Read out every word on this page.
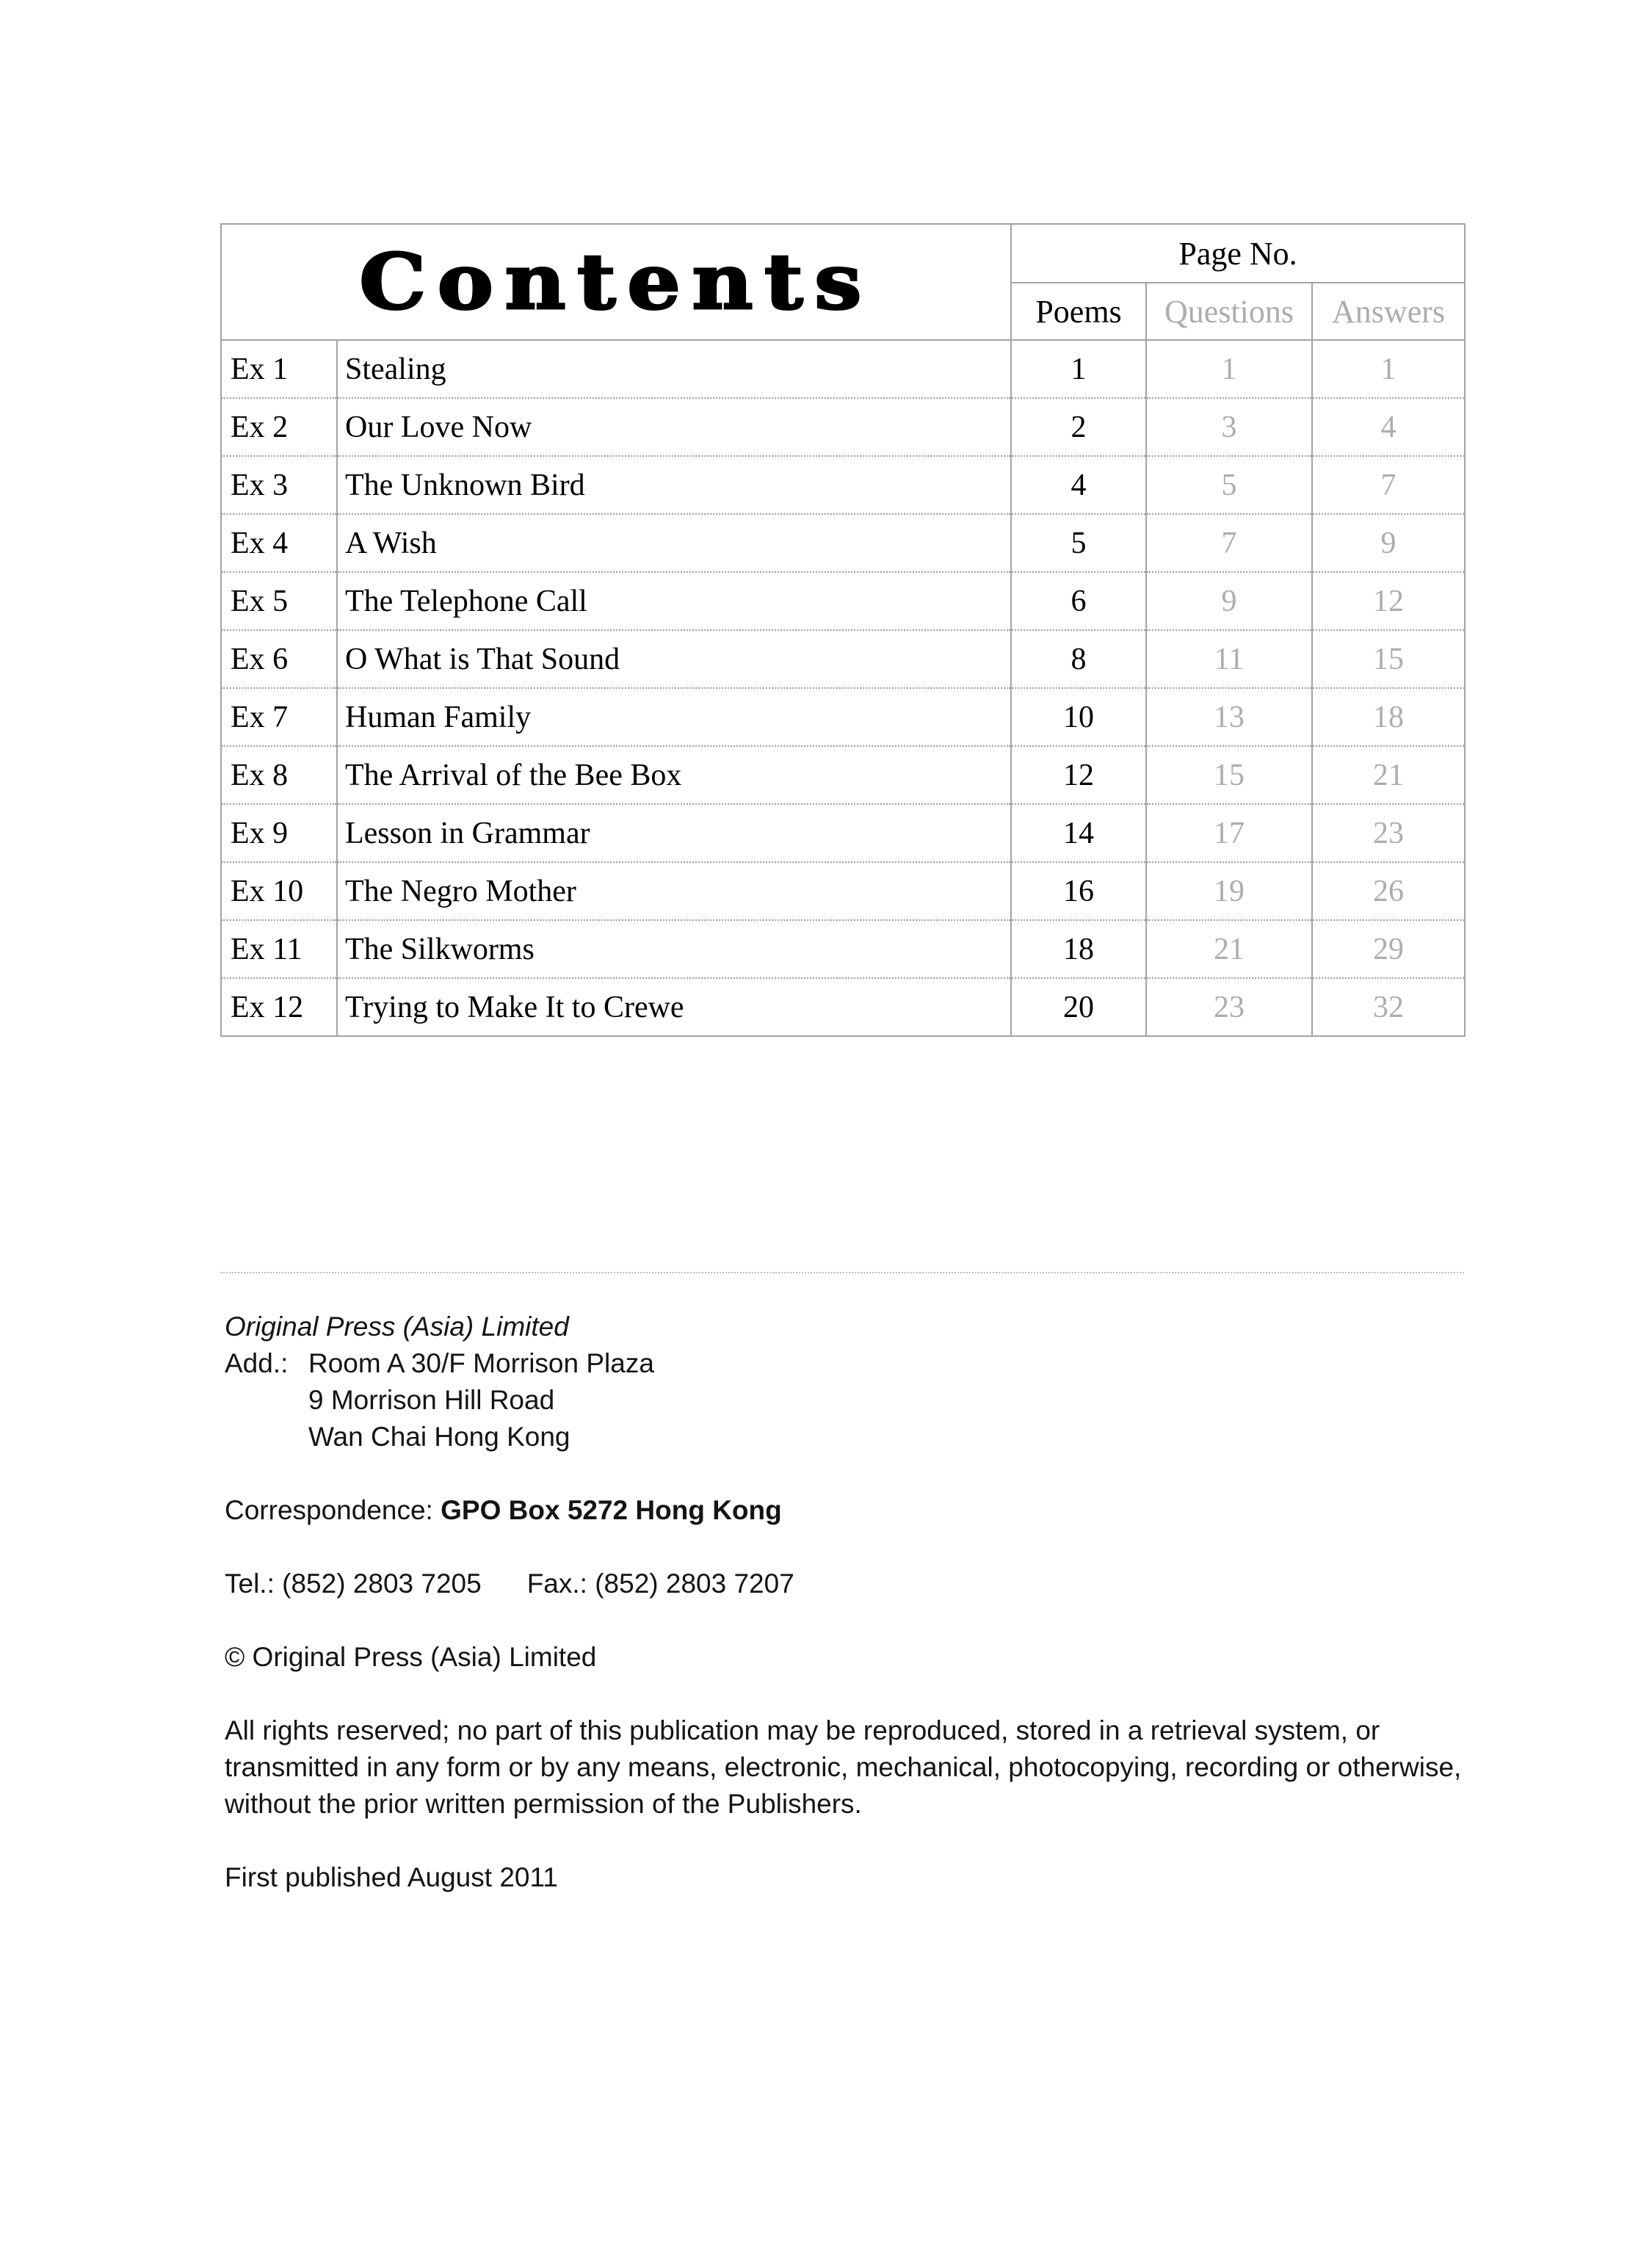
Contents		Page No.		
		Poems	Questions	Answers
Ex 1	Stealing	1	1	1
Ex 2	Our Love Now	2	3	4
Ex 3	The Unknown Bird	4	5	7
Ex 4	A Wish	5	7	9
Ex 5	The Telephone Call	6	9	12
Ex 6	O What is That Sound	8	11	15
Ex 7	Human Family	10	13	18
Ex 8	The Arrival of the Bee Box	12	15	21
Ex 9	Lesson in Grammar	14	17	23
Ex 10	The Negro Mother	16	19	26
Ex 11	The Silkworms	18	21	29
Ex 12	Trying to Make It to Crewe	20	23	32
Original Press (Asia) Limited
Add.: Room A 30/F Morrison Plaza
9 Morrison Hill Road
Wan Chai Hong Kong
Correspondence: GPO Box 5272 Hong Kong
Tel.: (852) 2803 7205 Fax.: (852) 2803 7207
© Original Press (Asia) Limited
All rights reserved; no part of this publication may be reproduced, stored in a retrieval system, or transmitted in any form or by any means, electronic, mechanical, photocopying, recording or otherwise, without the prior written permission of the Publishers.
First published August 2011
